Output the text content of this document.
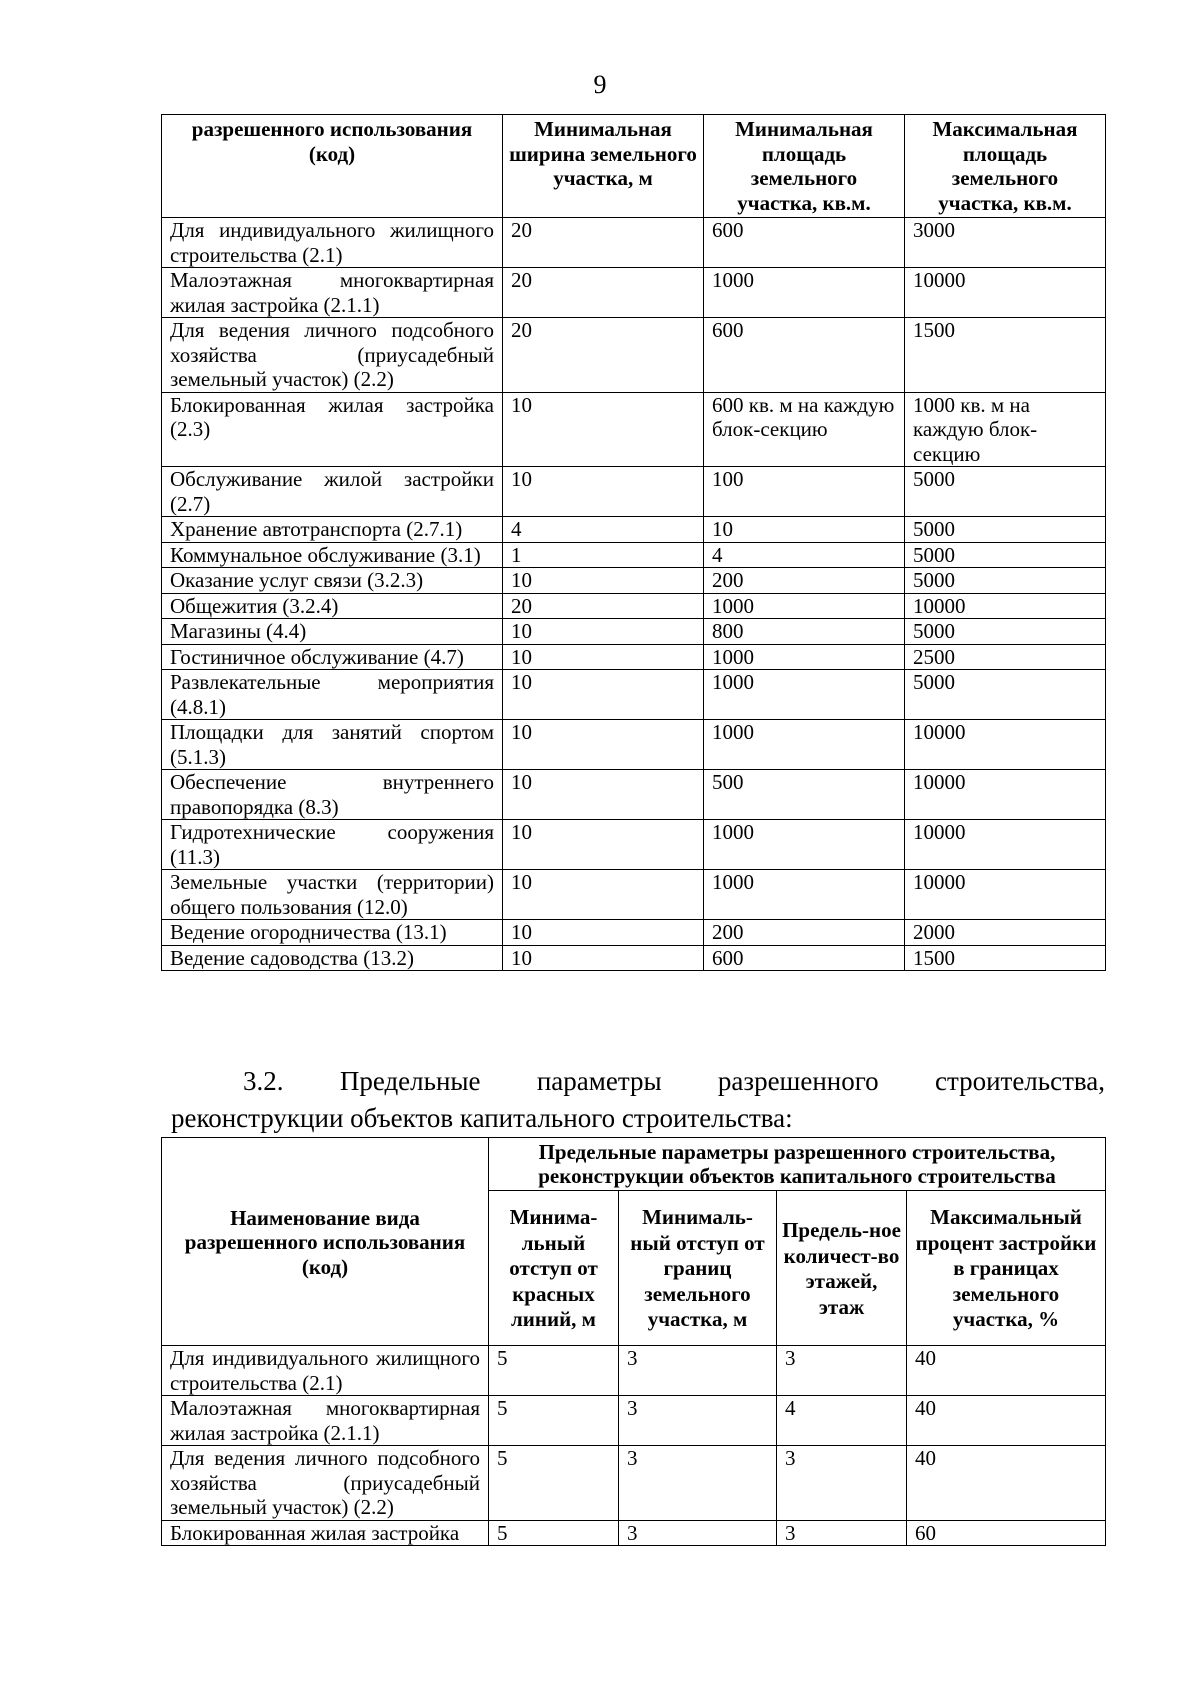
9
разрешенного использования (код)	Минимальная ширина земельного участка, м	Минимальная площадь земельного участка, кв.м.	Максимальная площадь земельного участка, кв.м.
Для индивидуального жилищного строительства (2.1)	20	600	3000
Малоэтажная многоквартирная жилая застройка (2.1.1)	20	1000	10000
Для ведения личного подсобного хозяйства (приусадебный земельный участок) (2.2)	20	600	1500
Блокированная жилая застройка (2.3)	10	600 кв. м на каждую блок-секцию	1000 кв. м на каждую блок-секцию
Обслуживание жилой застройки (2.7)	10	100	5000
Хранение автотранспорта (2.7.1)	4	10	5000
Коммунальное обслуживание (3.1)	1	4	5000
Оказание услуг связи (3.2.3)	10	200	5000
Общежития (3.2.4)	20	1000	10000
Магазины (4.4)	10	800	5000
Гостиничное обслуживание (4.7)	10	1000	2500
Развлекательные мероприятия (4.8.1)	10	1000	5000
Площадки для занятий спортом (5.1.3)	10	1000	10000
Обеспечение внутреннего правопорядка (8.3)	10	500	10000
Гидротехнические сооружения (11.3)	10	1000	10000
Земельные участки (территории) общего пользования (12.0)	10	1000	10000
Ведение огородничества (13.1)	10	200	2000
Ведение садоводства (13.2)	10	600	1500
3.2. Предельные параметры разрешенного строительства,
реконструкции объектов капитального строительства:
Наименование вида разрешенного использования (код)	Предельные параметры разрешенного строительства, реконструкции объектов капитального строительства			
	Минима-льный отступ от красных линий, м	Минималь-ный отступ от границ земельного участка, м	Предель-ное количест-во этажей, этаж	Максимальный процент застройки в границах земельного участка, %
Для индивидуального жилищного строительства (2.1)	5	3	3	40
Малоэтажная многоквартирная жилая застройка (2.1.1)	5	3	4	40
Для ведения личного подсобного хозяйства (приусадебный земельный участок) (2.2)	5	3	3	40
Блокированная жилая застройка	5	3	3	60
